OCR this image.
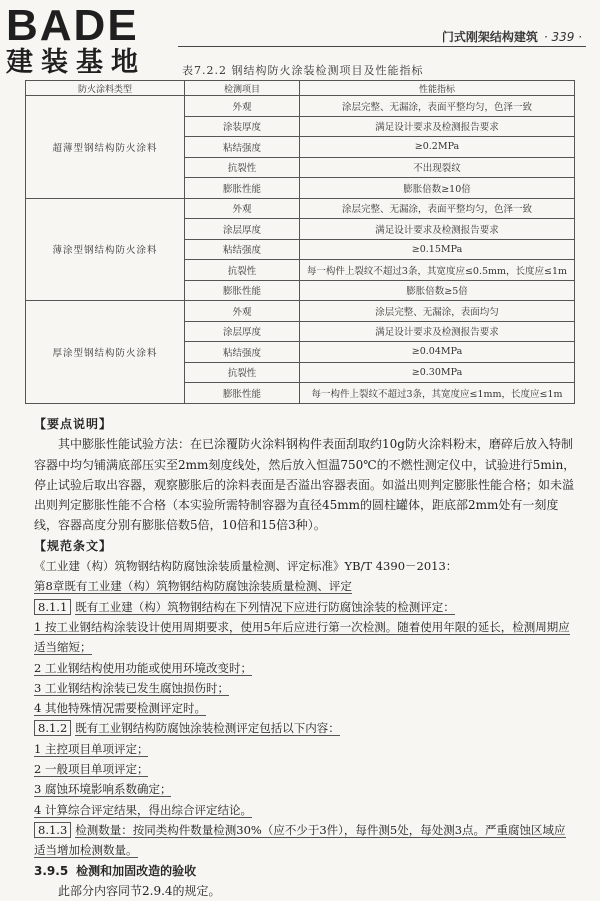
BADE
建装基地
门式刚架结构建筑 · 339 ·
表7.2.2 钢结构防火涂装检测项目及性能指标
防火涂料类型	检测项目	性能指标
超薄型钢结构防火涂料	外观	涂层完整、无漏涂，表面平整均匀，色泽一致
	涂装厚度	满足设计要求及检测报告要求
	粘结强度	≥0.2MPa
	抗裂性	不出现裂纹
	膨胀性能	膨胀倍数≥10倍
薄涂型钢结构防火涂料	外观	涂层完整、无漏涂，表面平整均匀，色泽一致
	涂层厚度	满足设计要求及检测报告要求
	粘结强度	≥0.15MPa
	抗裂性	每一构件上裂纹不超过3条，其宽度应≤0.5mm，长度应≤1m
	膨胀性能	膨胀倍数≥5倍
厚涂型钢结构防火涂料	外观	涂层完整、无漏涂，表面均匀
	涂层厚度	满足设计要求及检测报告要求
	粘结强度	≥0.04MPa
	抗裂性	≥0.30MPa
	膨胀性能	每一构件上裂纹不超过3条，其宽度应≤1mm，长度应≤1m

【要点说明】

其中膨胀性能试验方法：在已涂覆防火涂料钢构件表面刮取约10g防火涂料粉末，磨碎后放入特制容器中均匀铺满底部压实至2mm刻度线处，然后放入恒温750℃的不燃性测定仪中，试验进行5min，停止试验后取出容器，观察膨胀后的涂料表面是否溢出容器表面。如溢出则判定膨胀性能合格；如未溢出则判定膨胀性能不合格（本实验所需特制容器为直径45mm的圆柱罐体，距底部2mm处有一刻度线，容器高度分别有膨胀倍数5倍，10倍和15倍3种）。

【规范条文】

《工业建（构）筑物钢结构防腐蚀涂装质量检测、评定标准》YB/T 4390－2013：

第8章既有工业建（构）筑物钢结构防腐蚀涂装质量检测、评定

8.1.1 既有工业建（构）筑物钢结构在下列情况下应进行防腐蚀涂装的检测评定：

1 按工业钢结构涂装设计使用周期要求，使用5年后应进行第一次检测。随着使用年限的延长，检测周期应适当缩短；

2 工业钢结构使用功能或使用环境改变时；

3 工业钢结构涂装已发生腐蚀损伤时；

4 其他特殊情况需要检测评定时。

8.1.2 既有工业钢结构防腐蚀涂装检测评定包括以下内容：

1 主控项目单项评定；

2 一般项目单项评定；

3 腐蚀环境影响系数确定；

4 计算综合评定结果，得出综合评定结论。

8.1.3 检测数量：按同类构件数量检测30%（应不少于3件），每件测5处，每处测3点。严重腐蚀区域应适当增加检测数量。

3.9.5 检测和加固改造的验收

此部分内容同节2.9.4的规定。
